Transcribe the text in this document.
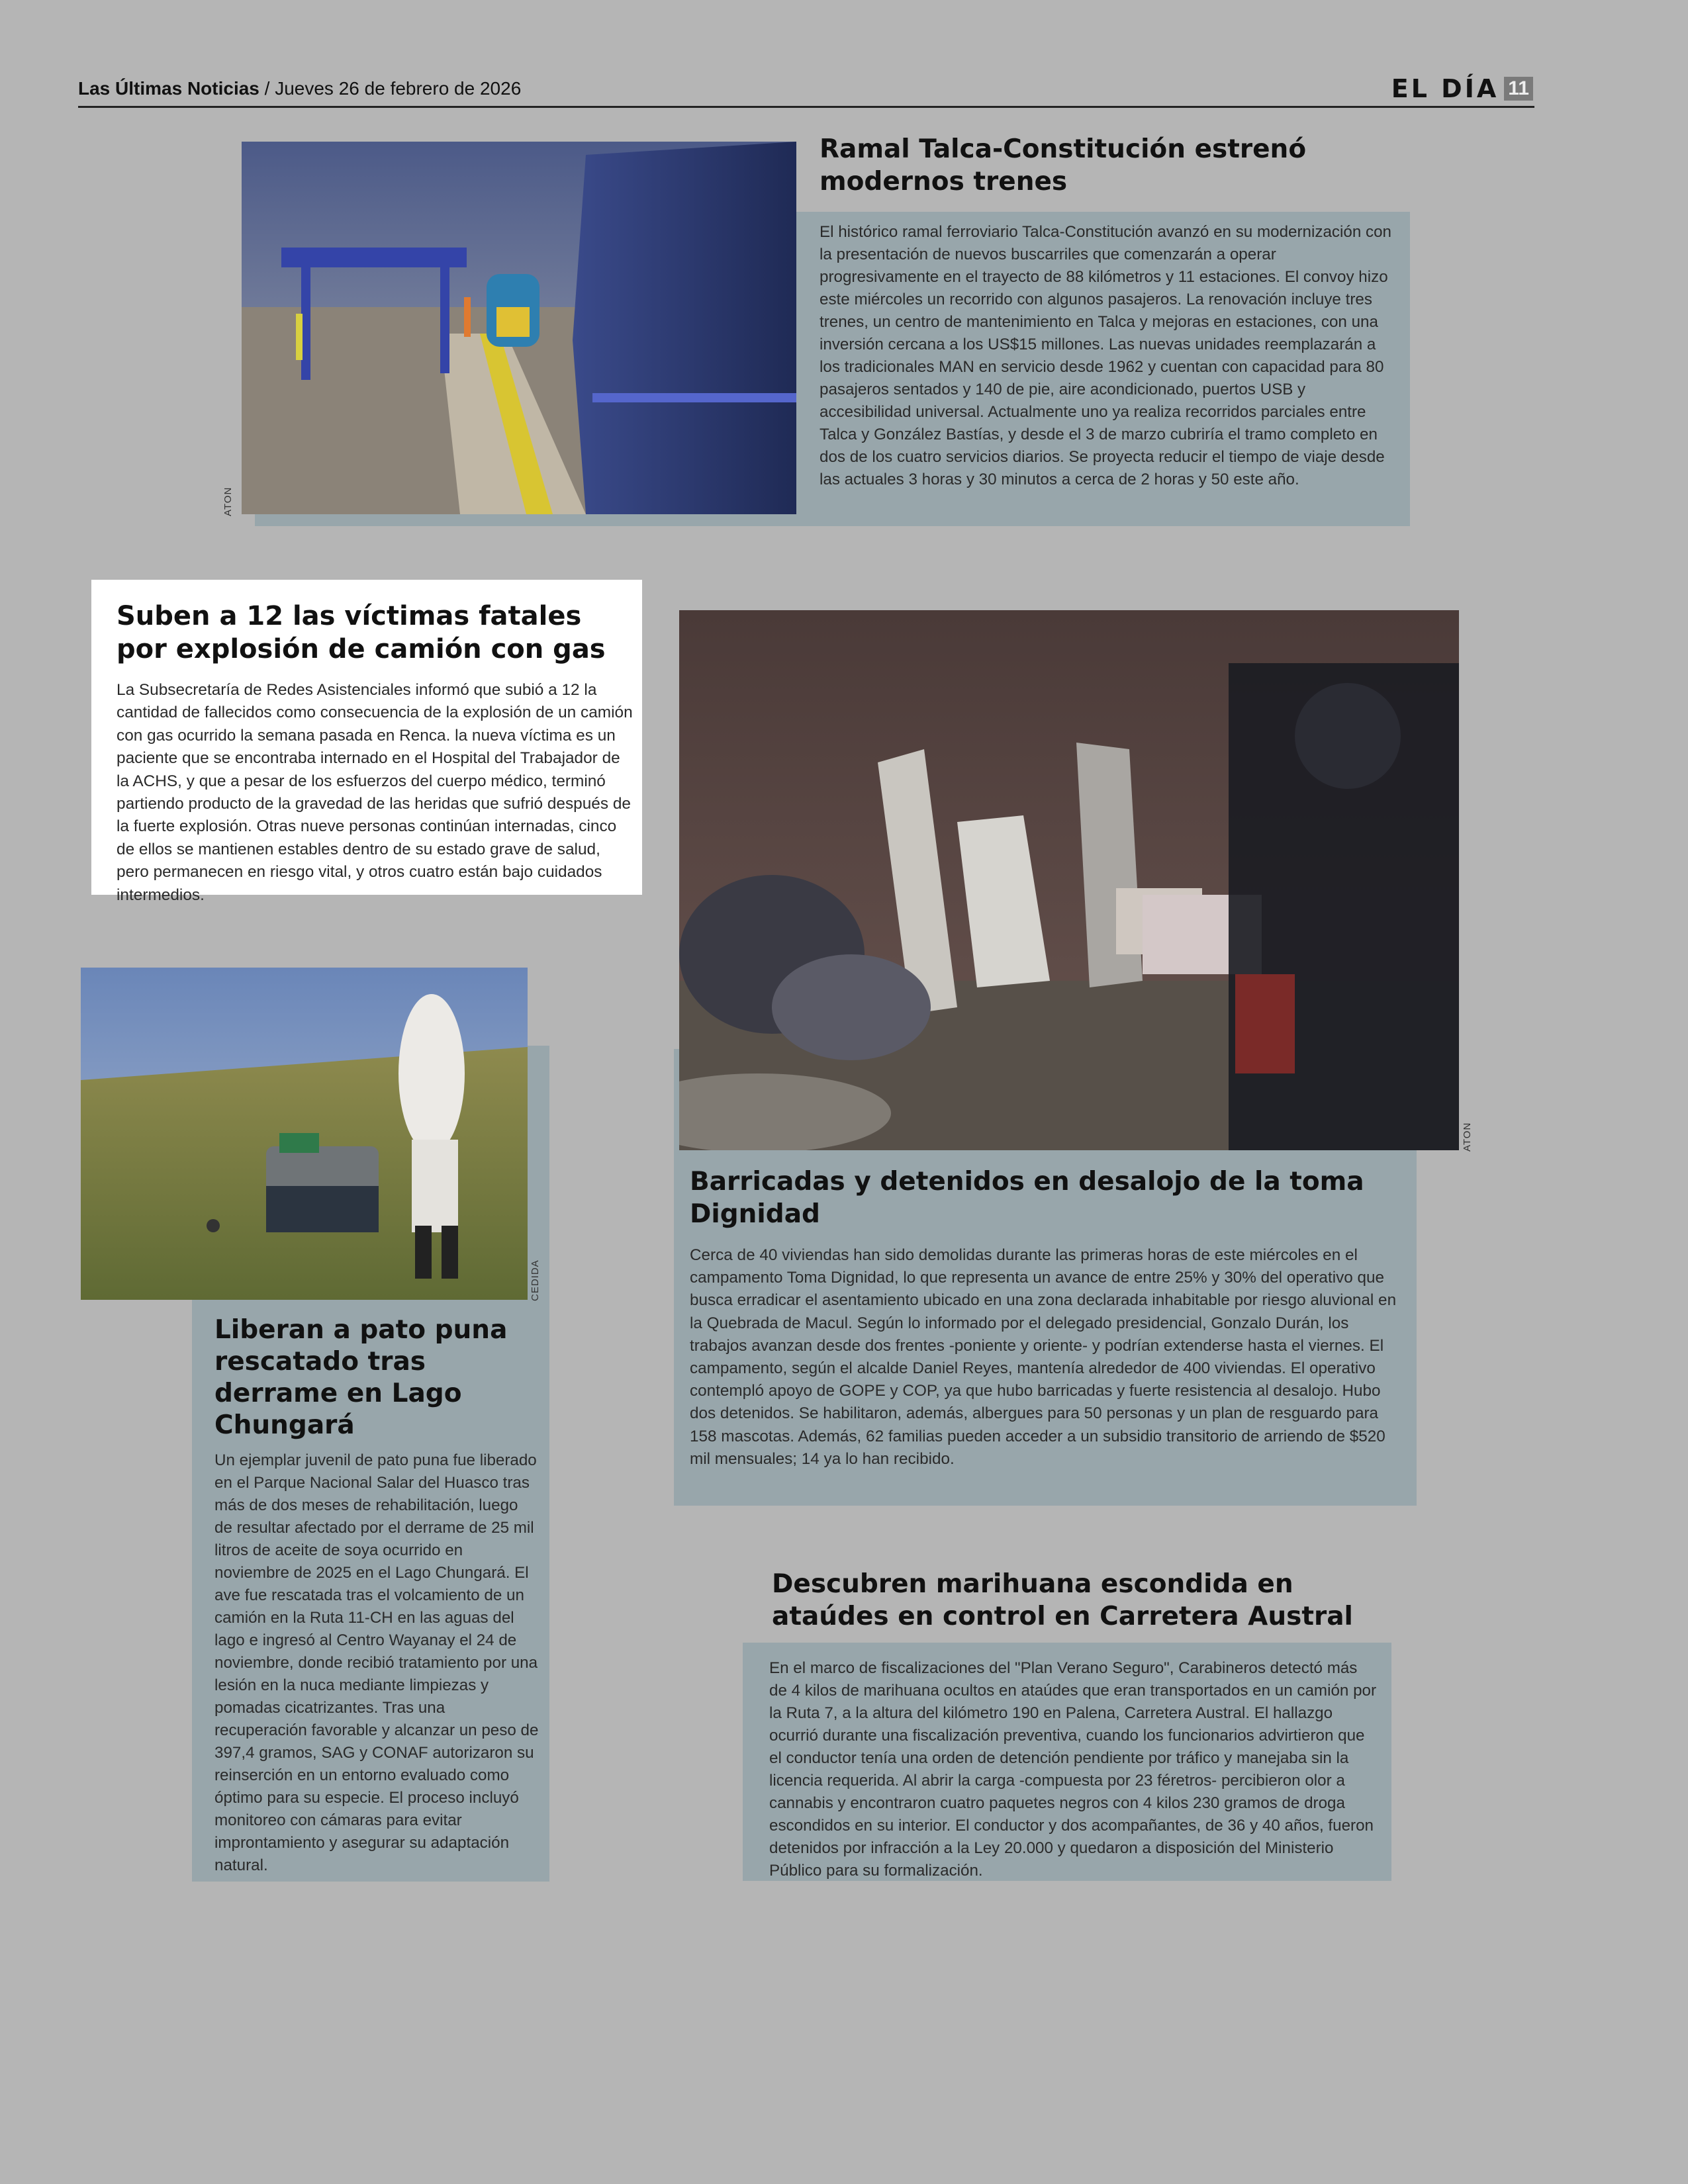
Las Últimas Noticias / Jueves 26 de febrero de 2026	EL DÍA 11
ATON
Ramal Talca-Constitución estrenó modernos trenes

El histórico ramal ferroviario Talca-Constitución avanzó en su modernización con la presentación de nuevos buscarriles que comenzarán a operar progresivamente en el trayecto de 88 kilómetros y 11 estaciones. El convoy hizo este miércoles un recorrido con algunos pasajeros. La renovación incluye tres trenes, un centro de mantenimiento en Talca y mejoras en estaciones, con una inversión cercana a los US$15 millones. Las nuevas unidades reemplazarán a los tradicionales MAN en servicio desde 1962 y cuentan con capacidad para 80 pasajeros sentados y 140 de pie, aire acondicionado, puertos USB y accesibilidad universal. Actualmente uno ya realiza recorridos parciales entre Talca y González Bastías, y desde el 3 de marzo cubriría el tramo completo en dos de los cuatro servicios diarios. Se proyecta reducir el tiempo de viaje desde las actuales 3 horas y 30 minutos a cerca de 2 horas y 50 este año.

Suben a 12 las víctimas fatales por explosión de camión con gas

La Subsecretaría de Redes Asistenciales informó que subió a 12 la cantidad de fallecidos como consecuencia de la explosión de un camión con gas ocurrido la semana pasada en Renca. la nueva víctima es un paciente que se encontraba internado en el Hospital del Trabajador de la ACHS, y que a pesar de los esfuerzos del cuerpo médico, terminó partiendo producto de la gravedad de las heridas que sufrió después de la fuerte explosión. Otras nueve personas continúan internadas, cinco de ellos se mantienen estables dentro de su estado grave de salud, pero permanecen en riesgo vital, y otros cuatro están bajo cuidados intermedios.

ATON
Barricadas y detenidos en desalojo de la toma Dignidad

Cerca de 40 viviendas han sido demolidas durante las primeras horas de este miércoles en el campamento Toma Dignidad, lo que representa un avance de entre 25% y 30% del operativo que busca erradicar el asentamiento ubicado en una zona declarada inhabitable por riesgo aluvional en la Quebrada de Macul. Según lo informado por el delegado presidencial, Gonzalo Durán, los trabajos avanzan desde dos frentes -poniente y oriente- y podrían extenderse hasta el viernes. El campamento, según el alcalde Daniel Reyes, mantenía alrededor de 400 viviendas. El operativo contempló apoyo de GOPE y COP, ya que hubo barricadas y fuerte resistencia al desalojo. Hubo dos detenidos. Se habilitaron, además, albergues para 50 personas y un plan de resguardo para 158 mascotas. Además, 62 familias pueden acceder a un subsidio transitorio de arriendo de $520 mil mensuales; 14 ya lo han recibido.

CEDIDA
Liberan a pato puna rescatado tras derrame en Lago Chungará

Un ejemplar juvenil de pato puna fue liberado en el Parque Nacional Salar del Huasco tras más de dos meses de rehabilitación, luego de resultar afectado por el derrame de 25 mil litros de aceite de soya ocurrido en noviembre de 2025 en el Lago Chungará. El ave fue rescatada tras el volcamiento de un camión en la Ruta 11-CH en las aguas del lago e ingresó al Centro Wayanay el 24 de noviembre, donde recibió tratamiento por una lesión en la nuca mediante limpiezas y pomadas cicatrizantes. Tras una recuperación favorable y alcanzar un peso de 397,4 gramos, SAG y CONAF autorizaron su reinserción en un entorno evaluado como óptimo para su especie. El proceso incluyó monitoreo con cámaras para evitar improntamiento y asegurar su adaptación natural.

Descubren marihuana escondida en ataúdes en control en Carretera Austral

En el marco de fiscalizaciones del "Plan Verano Seguro", Carabineros detectó más de 4 kilos de marihuana ocultos en ataúdes que eran transportados en un camión por la Ruta 7, a la altura del kilómetro 190 en Palena, Carretera Austral. El hallazgo ocurrió durante una fiscalización preventiva, cuando los funcionarios advirtieron que el conductor tenía una orden de detención pendiente por tráfico y manejaba sin la licencia requerida. Al abrir la carga -compuesta por 23 féretros- percibieron olor a cannabis y encontraron cuatro paquetes negros con 4 kilos 230 gramos de droga escondidos en su interior. El conductor y dos acompañantes, de 36 y 40 años, fueron detenidos por infracción a la Ley 20.000 y quedaron a disposición del Ministerio Público para su formalización.
